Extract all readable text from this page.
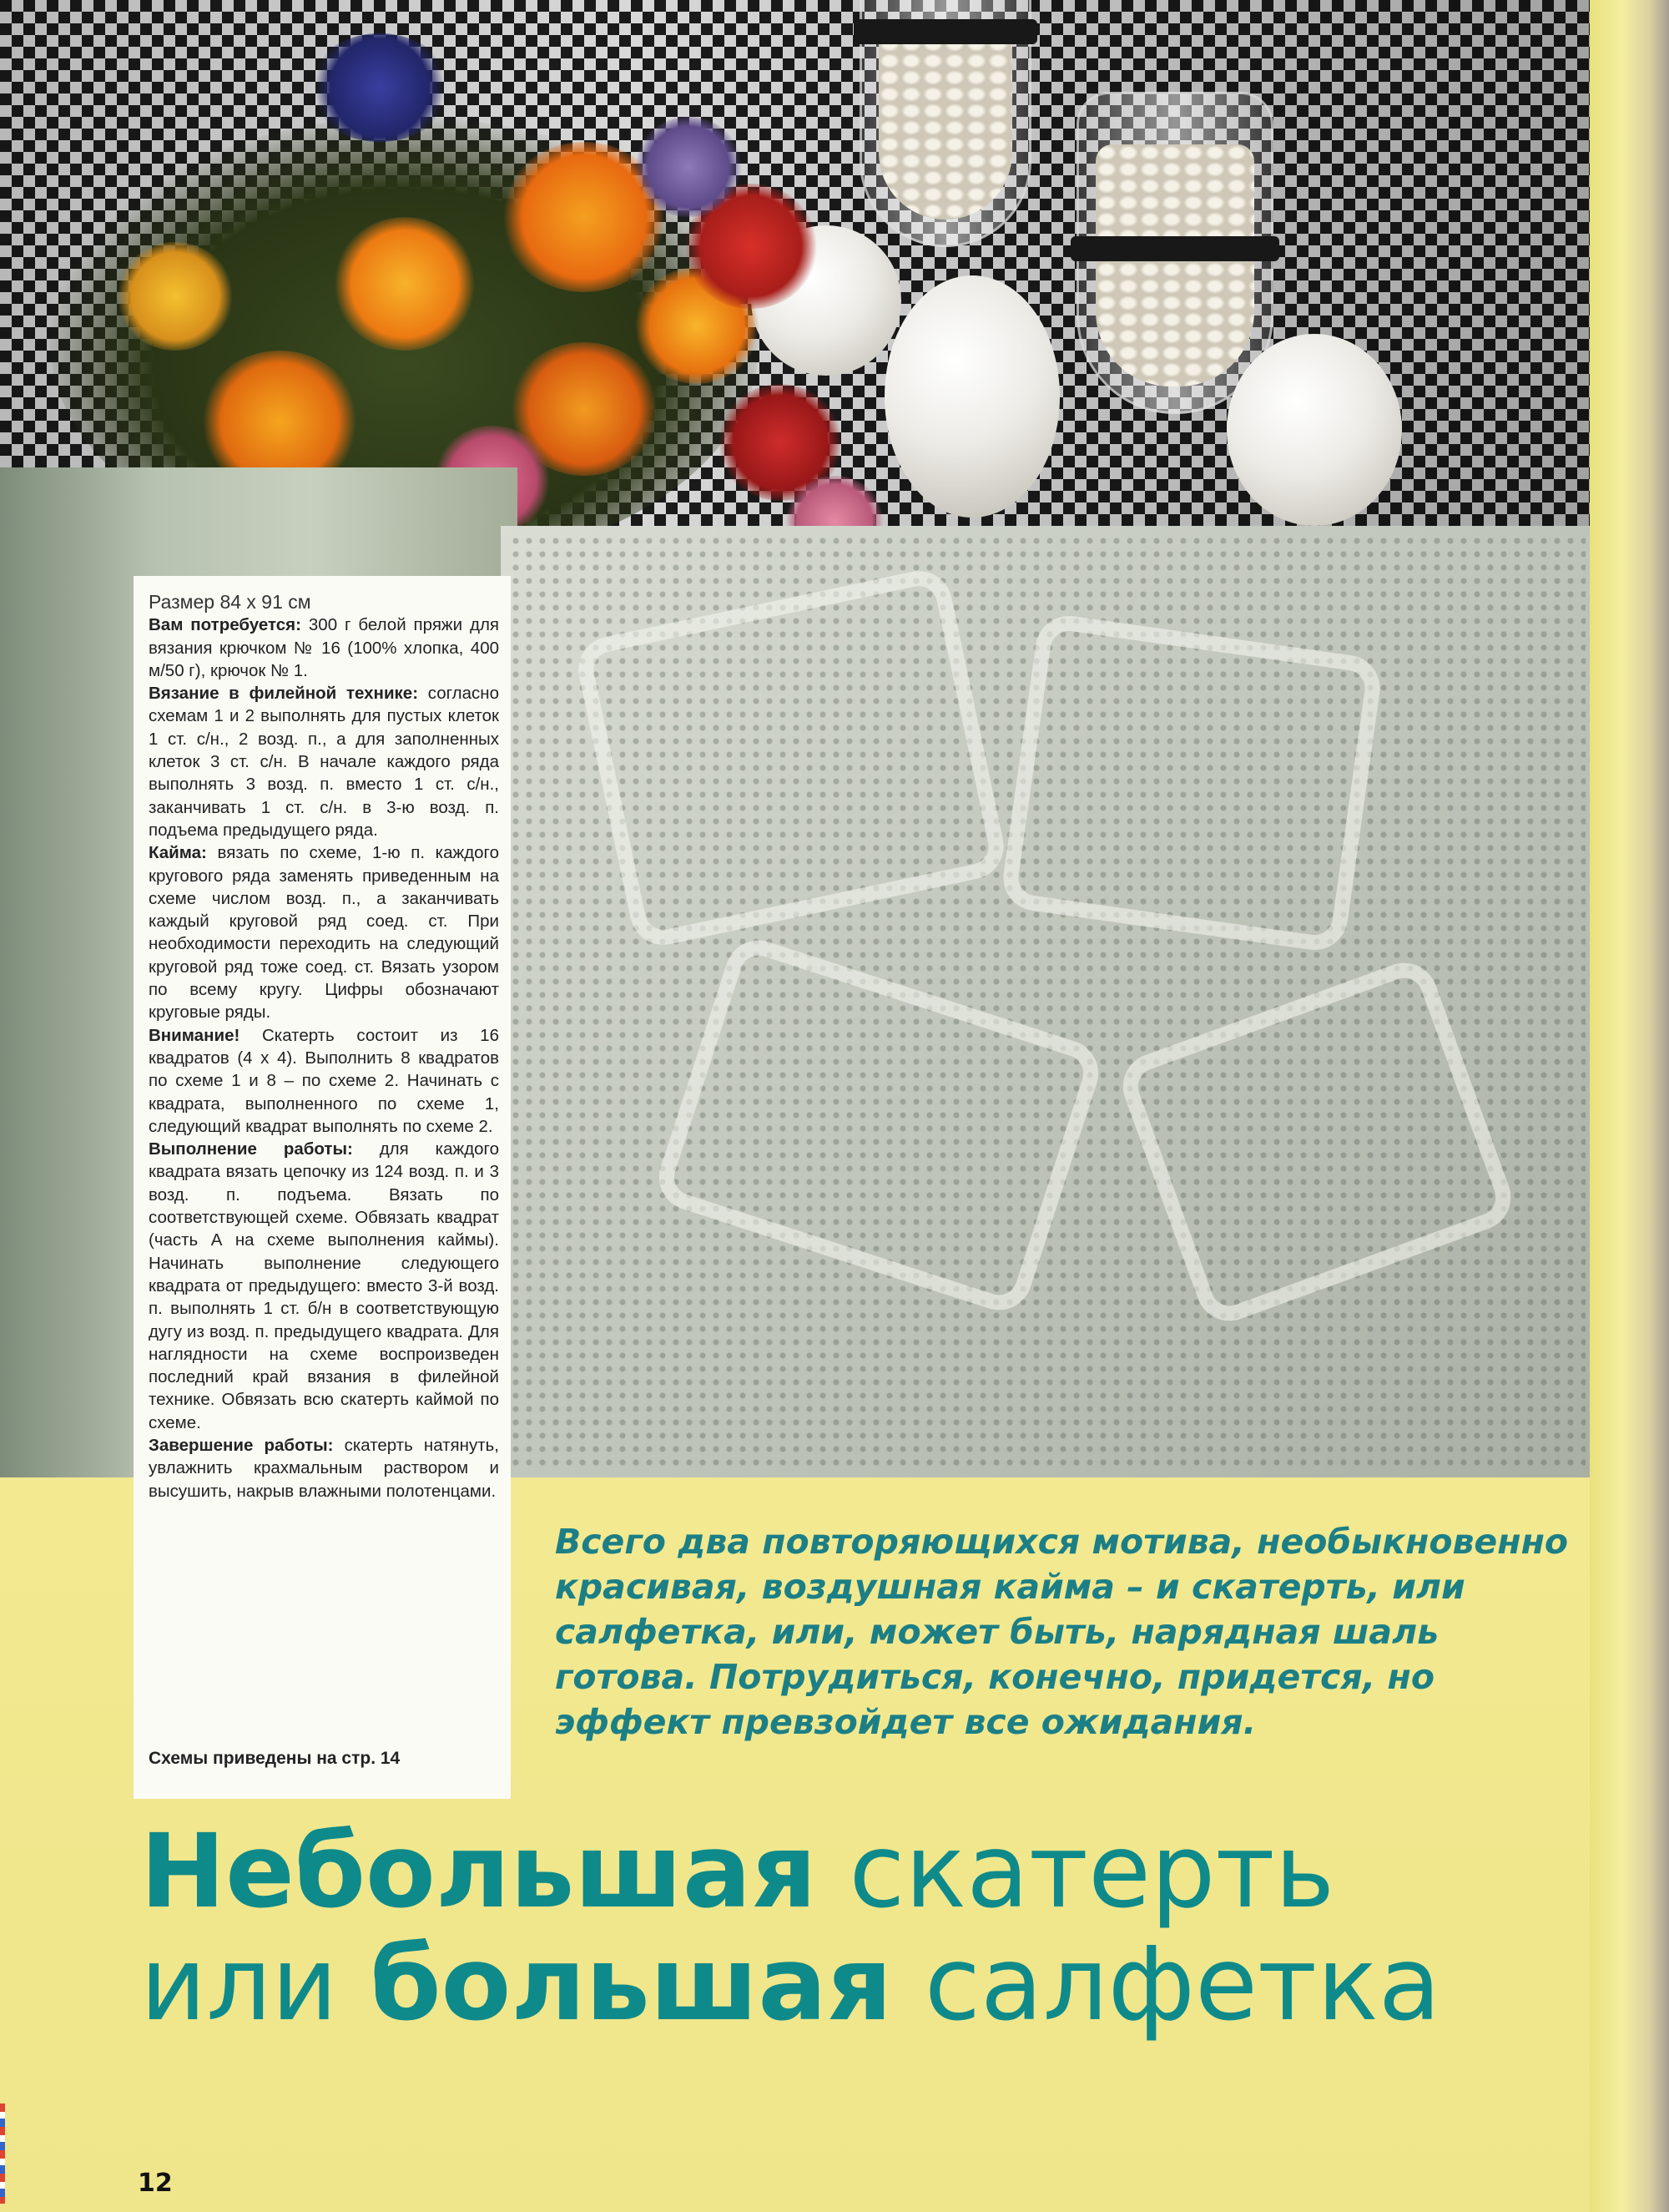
Размер 84 х 91 см

Вам потребуется: 300 г белой пряжи для вязания крючком № 16 (100% хлопка, 400 м/50 г), крючок № 1.

Вязание в филейной технике: согласно схемам 1 и 2 выполнять для пустых клеток 1 ст. с/н., 2 возд. п., а для заполненных клеток 3 ст. с/н. В начале каждого ряда выполнять 3 возд. п. вместо 1 ст. с/н., заканчивать 1 ст. с/н. в 3-ю возд. п. подъема предыдущего ряда.

Кайма: вязать по схеме, 1-ю п. каждого кругового ряда заменять приведенным на схеме числом возд. п., а заканчивать каждый круговой ряд соед. ст. При необходимости переходить на следующий круговой ряд тоже соед. ст. Вязать узором по всему кругу. Цифры обозначают круговые ряды.

Внимание! Скатерть состоит из 16 квадратов (4 х 4). Выполнить 8 квадратов по схеме 1 и 8 – по схеме 2. Начинать с квадрата, выполненного по схеме 1, следующий квадрат выполнять по схеме 2.

Выполнение работы: для каждого квадрата вязать цепочку из 124 возд. п. и 3 возд. п. подъема. Вязать по соответствующей схеме. Обвязать квадрат (часть А на схеме выполнения каймы). Начинать выполнение следующего квадрата от предыдущего: вместо 3-й возд. п. выполнять 1 ст. б/н в соответствующую дугу из возд. п. предыдущего квадрата. Для наглядности на схеме воспроизведен последний край вязания в филейной технике. Обвязать всю скатерть каймой по схеме.

Завершение работы: скатерть натянуть, увлажнить крахмальным раствором и высушить, накрыв влажными полотенцами.

Схемы приведены на стр. 14
Всего два повторяющихся мотива, необыкновенно красивая, воздушная кайма – и скатерть, или салфетка, или, может быть, нарядная шаль готова. Потрудиться, конечно, придется, но эффект превзойдет все ожидания.
Небольшая скатерть
или большая салфетка
12
